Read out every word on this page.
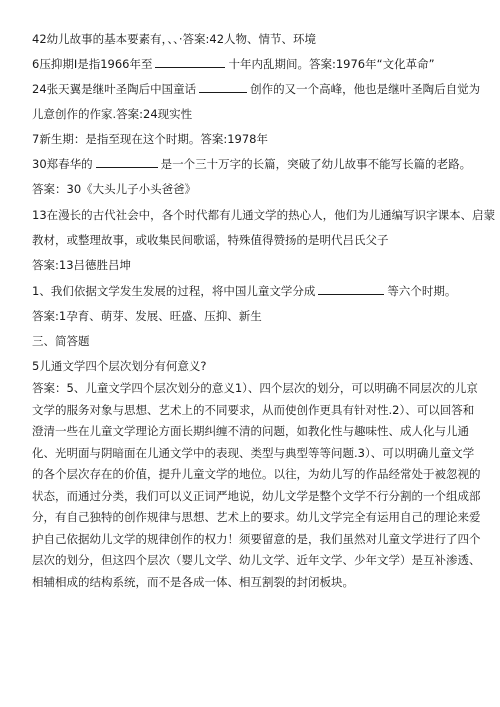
42幼儿故事的基本要素有，、、·答案:42人物、情节、环境
6压抑期I是指1966年至	十年内乱期间。答案:1976年“文化革命”
24张天翼是继叶圣陶后中国童话	创作的又一个高峰，他也是继叶圣陶后自觉为
儿意创作的作家.答案:24现实性
7新生期：是指至现在这个时期。答案:1978年
30郑春华的	是一个三十万字的长篇，突破了幼儿故事不能写长篇的老路。
答案：30《大头儿子小头爸爸》
13在漫长的古代社会中，各个时代都有儿通文学的热心人，他们为儿通编写识字课本、启蒙
教材，或整理故事，或收集民间歌谣，特殊值得赞扬的是明代吕氏父子
答案:13吕德胜吕坤
1、我们依据文学发生发展的过程，将中国儿童文学分成	等六个时期。
答案:1孕育、萌芽、发展、旺盛、压抑、新生
三、简答题
5儿通文学四个层次划分有何意义?
答案：5、儿童文学四个层次划分的意义1）、四个层次的划分，可以明确不同层次的儿京文学的服务对象与思想、艺术上的不同要求，从而使创作更具有针对性.2）、可以回答和澄清一些在儿童文学理论方面长期纠缠不清的问题，如教化性与趣味性、成人化与儿通化、光明面与阴暗面在儿通文学中的表现、类型与典型等等问题.3）、可以明确儿童文学的各个层次存在的价值，提升儿童文学的地位。以往，为幼儿写的作品经常处于被忽视的状态，而通过分类，我们可以义正词严地说，幼儿文学是整个文学不行分割的一个组成部分，有自己独特的创作规律与思想、艺术上的要求。幼儿文学完全有运用自己的理论来爱护自己依据幼儿文学的规律创作的权力！须要留意的是，我们虽然对儿童文学进行了四个层次的划分，但这四个层次（婴儿文学、幼儿文学、近年文学、少年文学）是互补渗透、相辅相成的结构系统，而不是各成一体、相互割裂的封闭板块。
